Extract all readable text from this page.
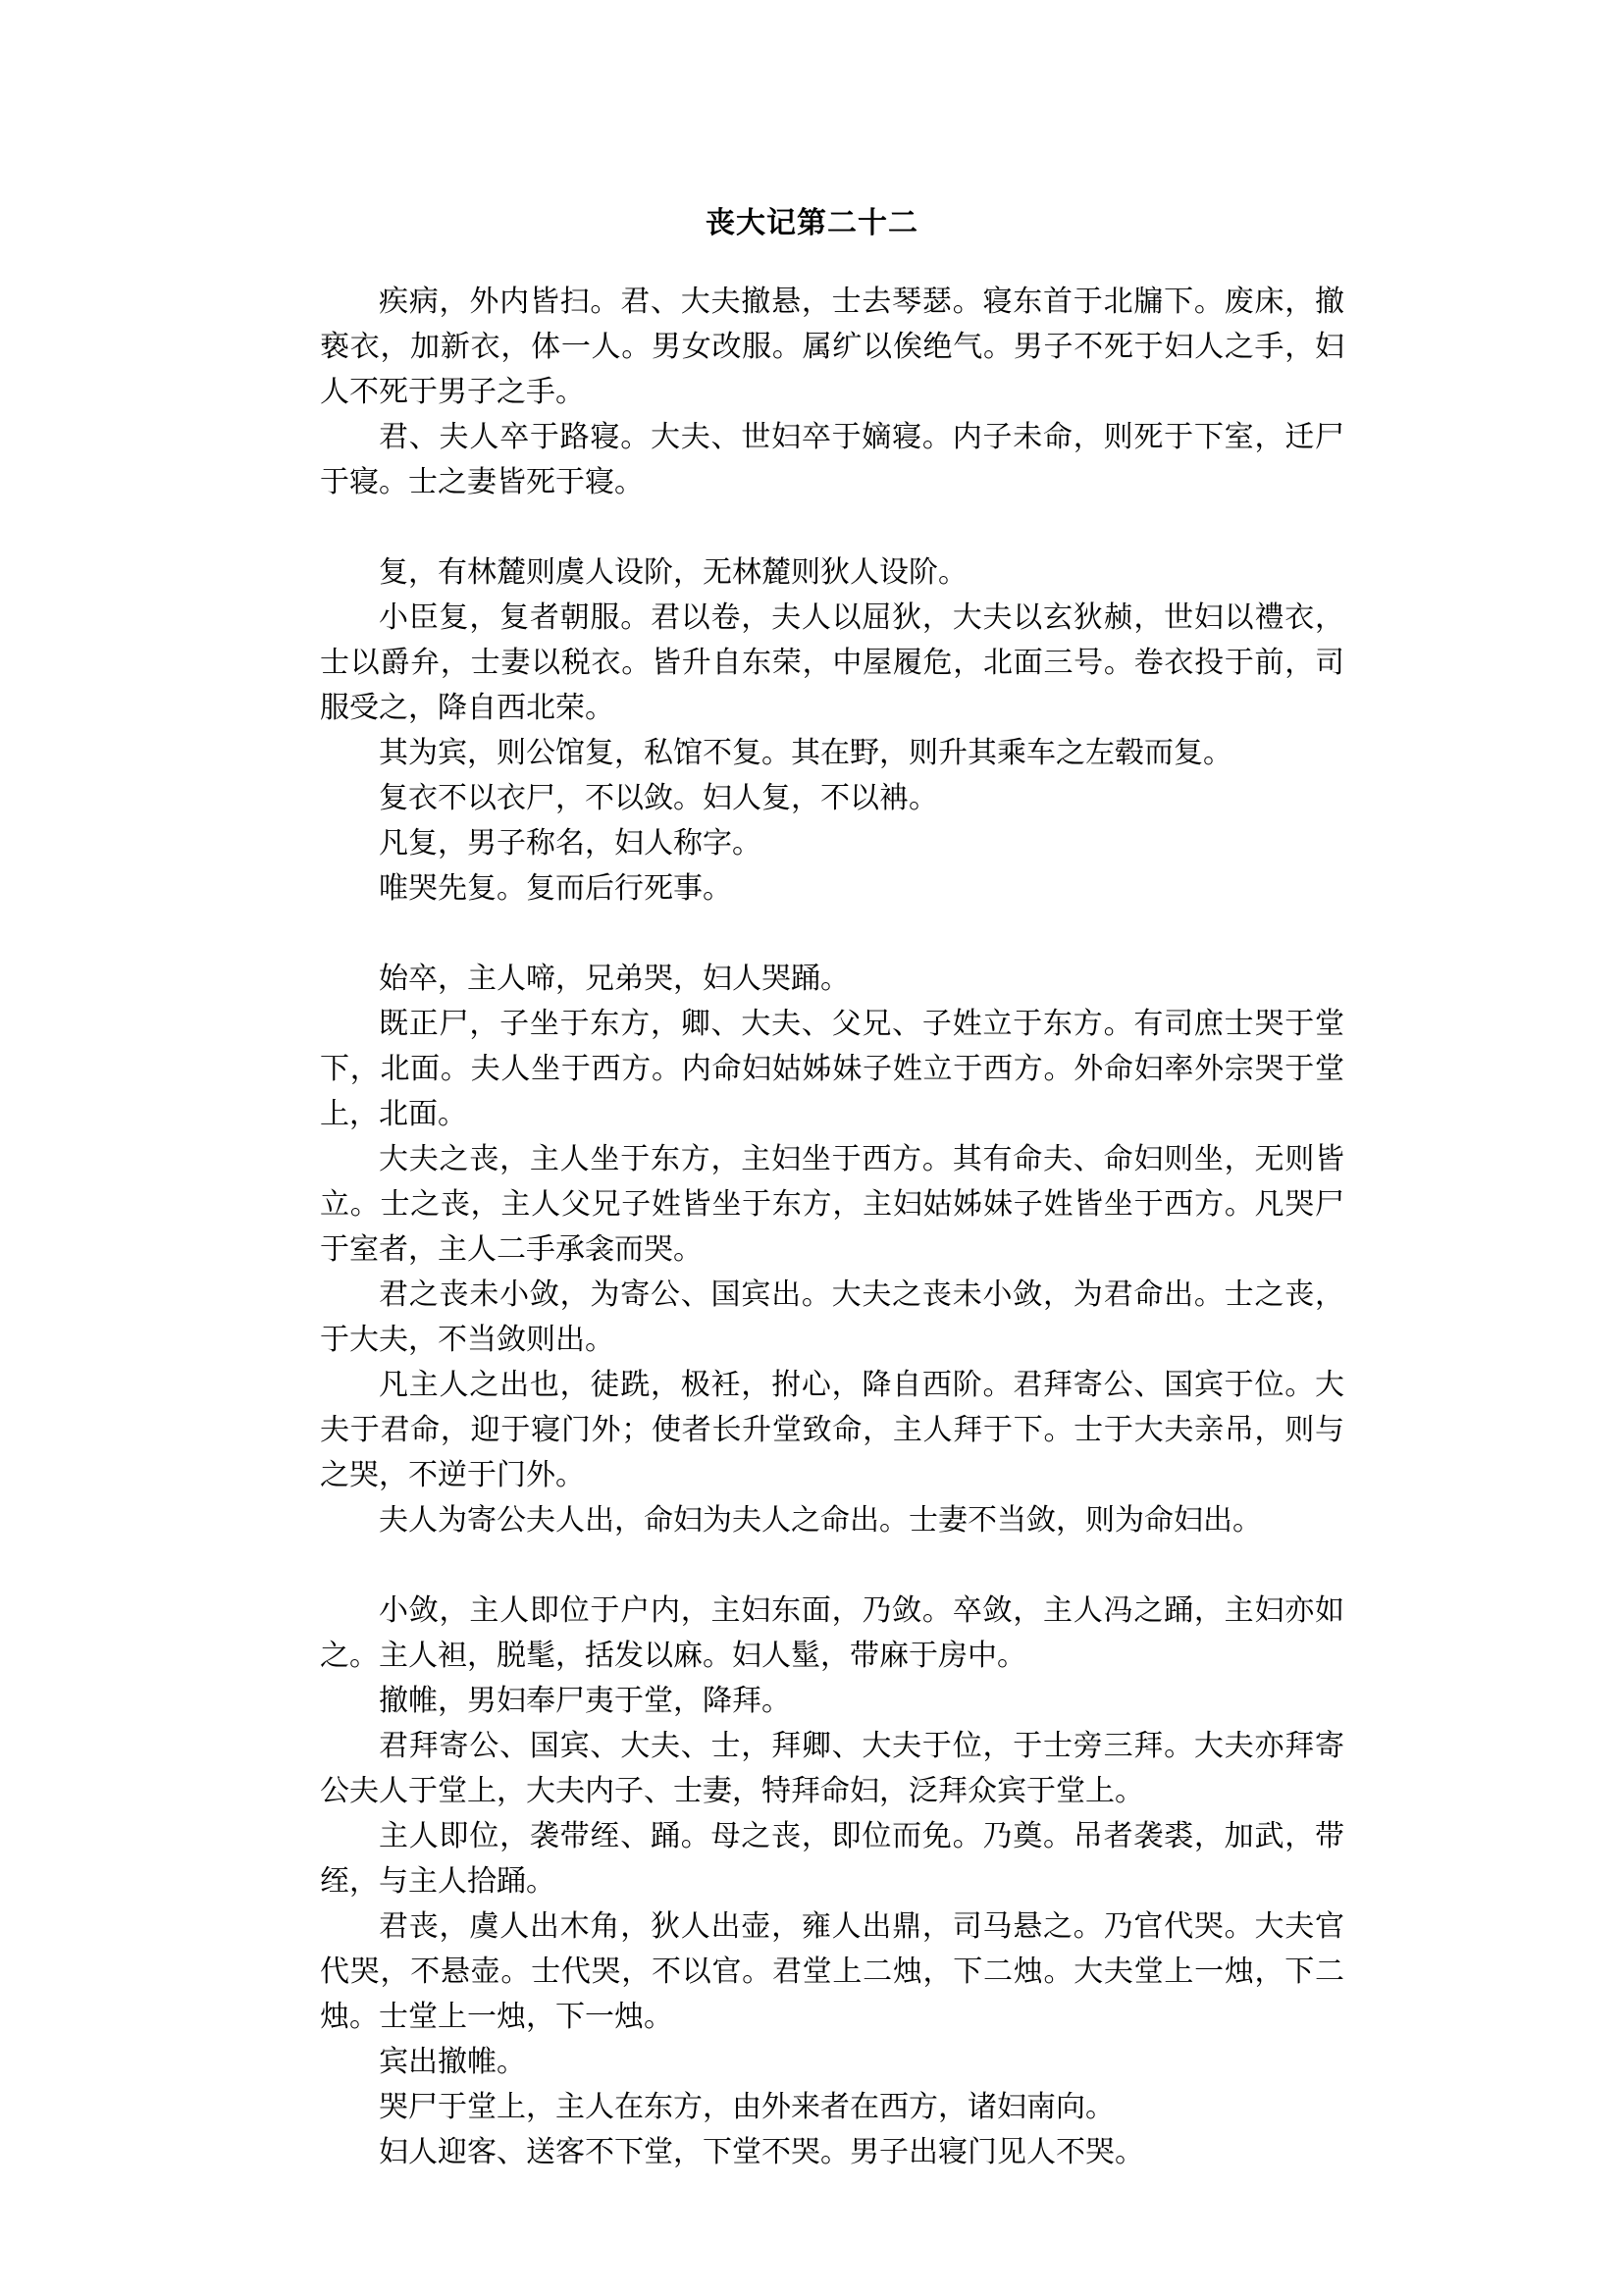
丧大记第二十二

疾病，外内皆扫。君、大夫撤悬，士去琴瑟。寝东首于北牖下。废床，撤亵衣，加新衣，体一人。男女改服。属纩以俟绝气。男子不死于妇人之手，妇人不死于男子之手。

君、夫人卒于路寝。大夫、世妇卒于嫡寝。内子未命，则死于下室，迁尸于寝。士之妻皆死于寝。

复，有林麓则虞人设阶，无林麓则狄人设阶。

小臣复，复者朝服。君以卷，夫人以屈狄，大夫以玄狄赪，世妇以禮衣，士以爵弁，士妻以税衣。皆升自东荣，中屋履危，北面三号。卷衣投于前，司服受之，降自西北荣。

其为宾，则公馆复，私馆不复。其在野，则升其乘车之左毂而复。

复衣不以衣尸，不以敛。妇人复，不以袡。

凡复，男子称名，妇人称字。

唯哭先复。复而后行死事。

始卒，主人啼，兄弟哭，妇人哭踊。

既正尸，子坐于东方，卿、大夫、父兄、子姓立于东方。有司庶士哭于堂下，北面。夫人坐于西方。内命妇姑姊妹子姓立于西方。外命妇率外宗哭于堂上，北面。

大夫之丧，主人坐于东方，主妇坐于西方。其有命夫、命妇则坐，无则皆立。士之丧，主人父兄子姓皆坐于东方，主妇姑姊妹子姓皆坐于西方。凡哭尸于室者，主人二手承衾而哭。

君之丧未小敛，为寄公、国宾出。大夫之丧未小敛，为君命出。士之丧，于大夫，不当敛则出。

凡主人之出也，徒跣，极衽，拊心，降自西阶。君拜寄公、国宾于位。大夫于君命，迎于寝门外；使者长升堂致命，主人拜于下。士于大夫亲吊，则与之哭，不逆于门外。

夫人为寄公夫人出，命妇为夫人之命出。士妻不当敛，则为命妇出。

小敛，主人即位于户内，主妇东面，乃敛。卒敛，主人冯之踊，主妇亦如之。主人袒，脱髦，括发以麻。妇人髽，带麻于房中。

撤帷，男妇奉尸夷于堂，降拜。

君拜寄公、国宾、大夫、士，拜卿、大夫于位，于士旁三拜。大夫亦拜寄公夫人于堂上，大夫内子、士妻，特拜命妇，泛拜众宾于堂上。

主人即位，袭带绖、踊。母之丧，即位而免。乃奠。吊者袭裘，加武，带绖，与主人拾踊。

君丧，虞人出木角，狄人出壶，雍人出鼎，司马悬之。乃官代哭。大夫官代哭，不悬壶。士代哭，不以官。君堂上二烛，下二烛。大夫堂上一烛，下二烛。士堂上一烛，下一烛。

宾出撤帷。

哭尸于堂上，主人在东方，由外来者在西方，诸妇南向。

妇人迎客、送客不下堂，下堂不哭。男子出寝门见人不哭。
